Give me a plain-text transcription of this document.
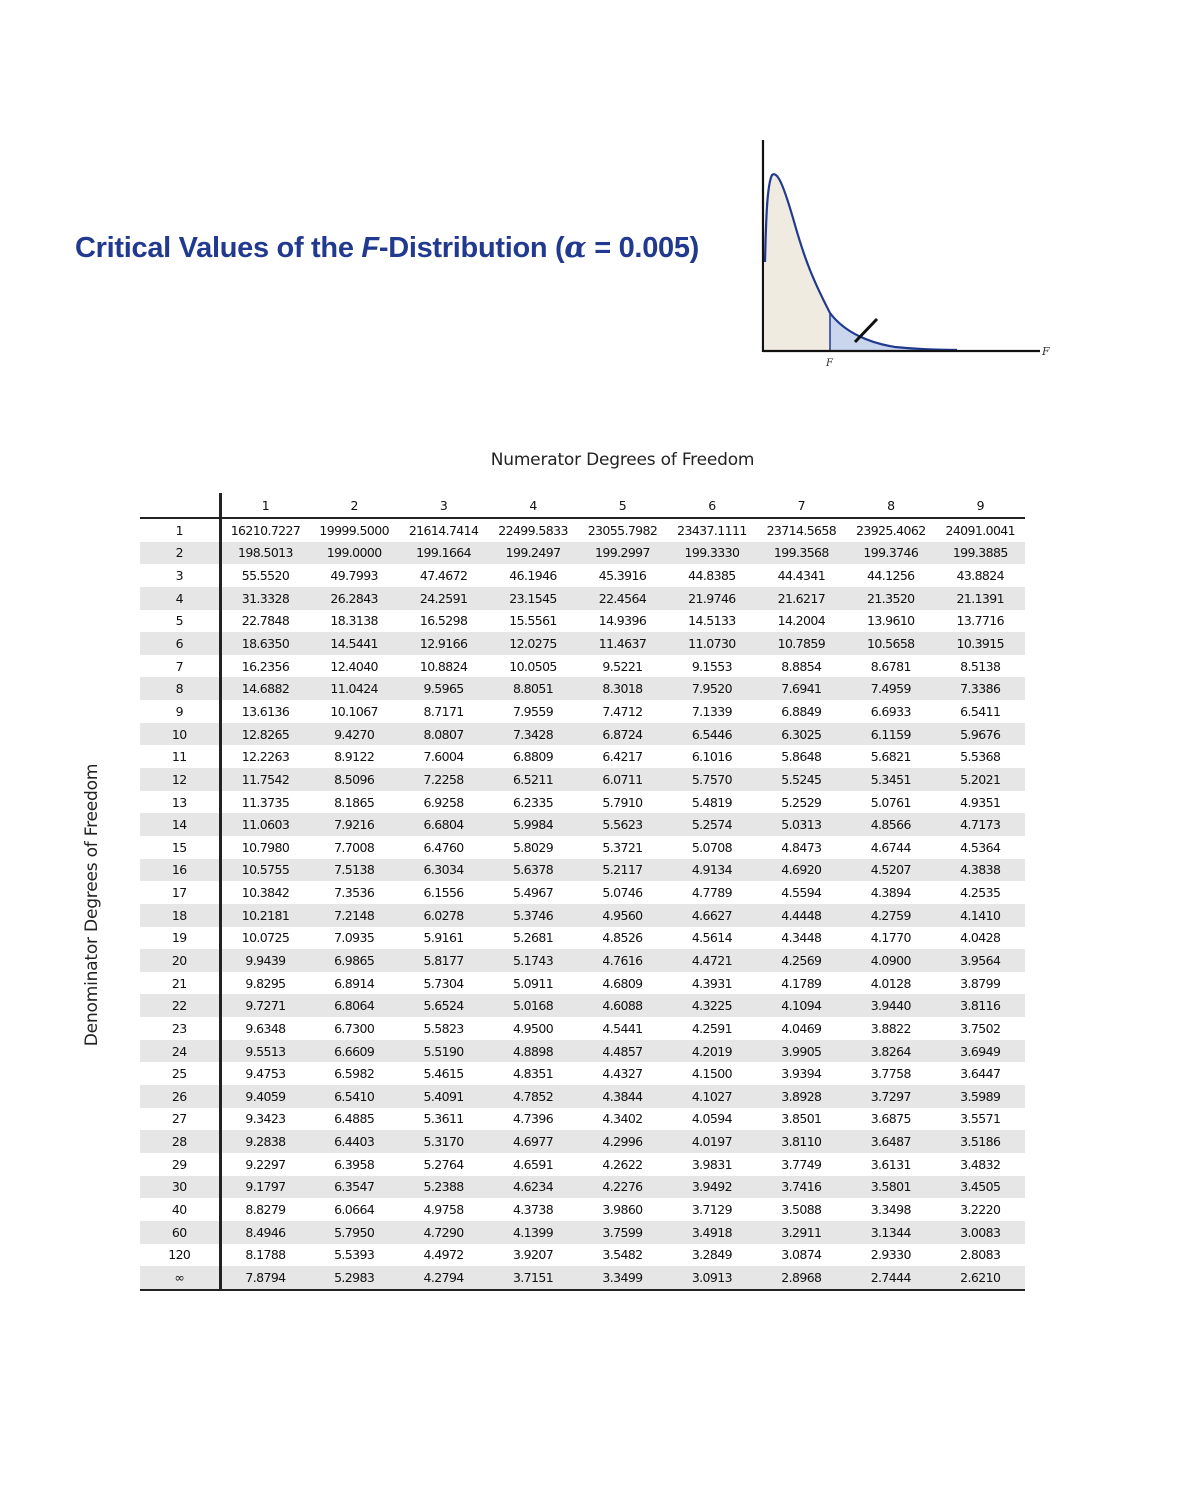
Critical Values of the F-Distribution (α = 0.005)
F
F
Numerator Degrees of Freedom
Denominator Degrees of Freedom
	1	2	3	4	5	6	7	8	9
1	16210.7227	19999.5000	21614.7414	22499.5833	23055.7982	23437.1111	23714.5658	23925.4062	24091.0041
2	198.5013	199.0000	199.1664	199.2497	199.2997	199.3330	199.3568	199.3746	199.3885
3	55.5520	49.7993	47.4672	46.1946	45.3916	44.8385	44.4341	44.1256	43.8824
4	31.3328	26.2843	24.2591	23.1545	22.4564	21.9746	21.6217	21.3520	21.1391
5	22.7848	18.3138	16.5298	15.5561	14.9396	14.5133	14.2004	13.9610	13.7716
6	18.6350	14.5441	12.9166	12.0275	11.4637	11.0730	10.7859	10.5658	10.3915
7	16.2356	12.4040	10.8824	10.0505	9.5221	9.1553	8.8854	8.6781	8.5138
8	14.6882	11.0424	9.5965	8.8051	8.3018	7.9520	7.6941	7.4959	7.3386
9	13.6136	10.1067	8.7171	7.9559	7.4712	7.1339	6.8849	6.6933	6.5411
10	12.8265	9.4270	8.0807	7.3428	6.8724	6.5446	6.3025	6.1159	5.9676
11	12.2263	8.9122	7.6004	6.8809	6.4217	6.1016	5.8648	5.6821	5.5368
12	11.7542	8.5096	7.2258	6.5211	6.0711	5.7570	5.5245	5.3451	5.2021
13	11.3735	8.1865	6.9258	6.2335	5.7910	5.4819	5.2529	5.0761	4.9351
14	11.0603	7.9216	6.6804	5.9984	5.5623	5.2574	5.0313	4.8566	4.7173
15	10.7980	7.7008	6.4760	5.8029	5.3721	5.0708	4.8473	4.6744	4.5364
16	10.5755	7.5138	6.3034	5.6378	5.2117	4.9134	4.6920	4.5207	4.3838
17	10.3842	7.3536	6.1556	5.4967	5.0746	4.7789	4.5594	4.3894	4.2535
18	10.2181	7.2148	6.0278	5.3746	4.9560	4.6627	4.4448	4.2759	4.1410
19	10.0725	7.0935	5.9161	5.2681	4.8526	4.5614	4.3448	4.1770	4.0428
20	9.9439	6.9865	5.8177	5.1743	4.7616	4.4721	4.2569	4.0900	3.9564
21	9.8295	6.8914	5.7304	5.0911	4.6809	4.3931	4.1789	4.0128	3.8799
22	9.7271	6.8064	5.6524	5.0168	4.6088	4.3225	4.1094	3.9440	3.8116
23	9.6348	6.7300	5.5823	4.9500	4.5441	4.2591	4.0469	3.8822	3.7502
24	9.5513	6.6609	5.5190	4.8898	4.4857	4.2019	3.9905	3.8264	3.6949
25	9.4753	6.5982	5.4615	4.8351	4.4327	4.1500	3.9394	3.7758	3.6447
26	9.4059	6.5410	5.4091	4.7852	4.3844	4.1027	3.8928	3.7297	3.5989
27	9.3423	6.4885	5.3611	4.7396	4.3402	4.0594	3.8501	3.6875	3.5571
28	9.2838	6.4403	5.3170	4.6977	4.2996	4.0197	3.8110	3.6487	3.5186
29	9.2297	6.3958	5.2764	4.6591	4.2622	3.9831	3.7749	3.6131	3.4832
30	9.1797	6.3547	5.2388	4.6234	4.2276	3.9492	3.7416	3.5801	3.4505
40	8.8279	6.0664	4.9758	4.3738	3.9860	3.7129	3.5088	3.3498	3.2220
60	8.4946	5.7950	4.7290	4.1399	3.7599	3.4918	3.2911	3.1344	3.0083
120	8.1788	5.5393	4.4972	3.9207	3.5482	3.2849	3.0874	2.9330	2.8083
∞	7.8794	5.2983	4.2794	3.7151	3.3499	3.0913	2.8968	2.7444	2.6210
